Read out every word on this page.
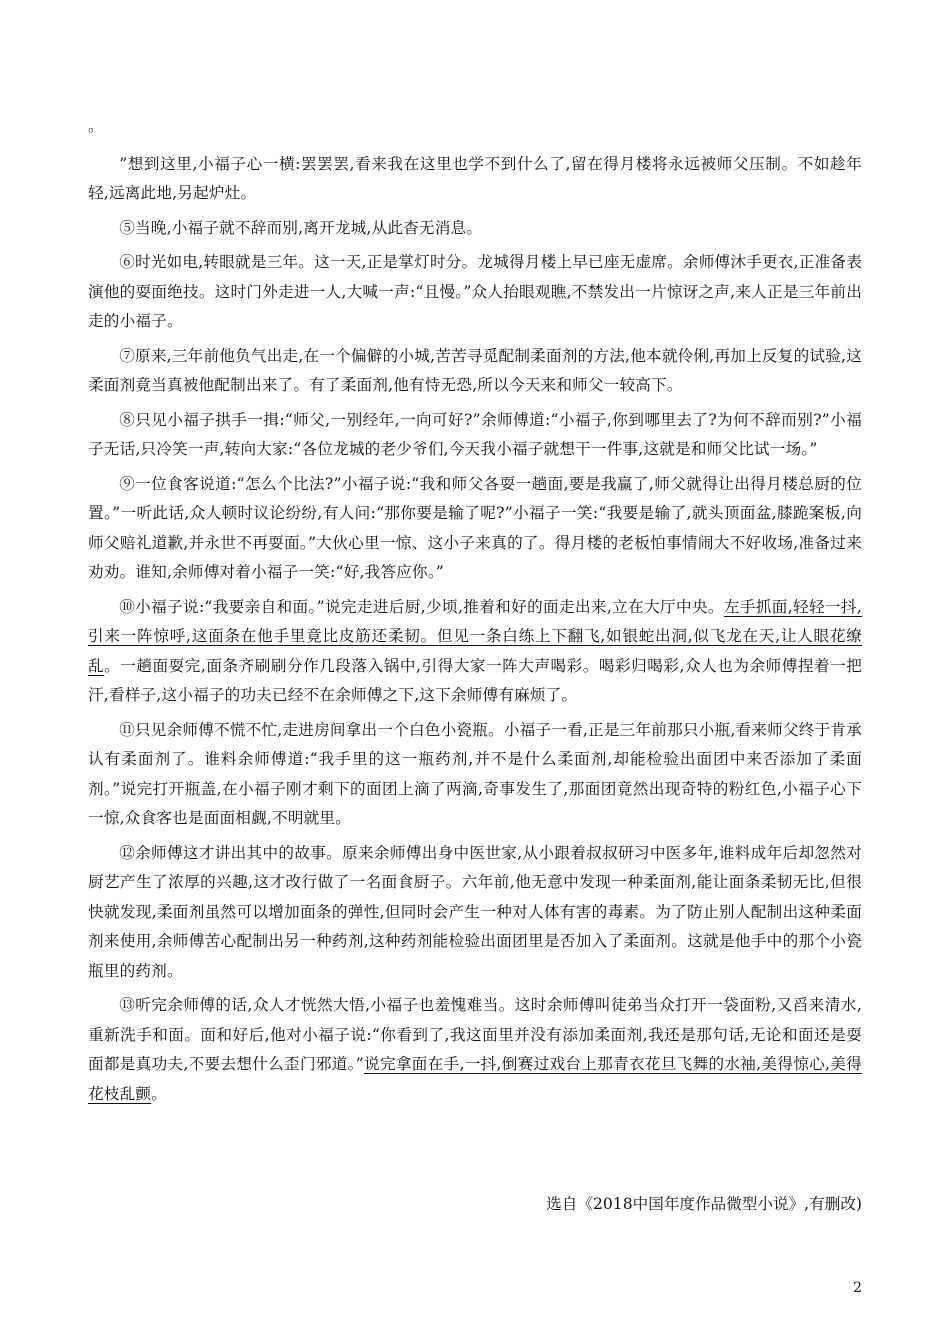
。

”想到这里,小福子心一横:罢罢罢,看来我在这里也学不到什么了,留在得月楼将永远被师父压制。不如趁年轻,远离此地,另起炉灶。

⑤当晚,小福子就不辞而别,离开龙城,从此杳无消息。

⑥时光如电,转眼就是三年。这一天,正是掌灯时分。龙城得月楼上早已座无虚席。余师傅沐手更衣,正准备表演他的耍面绝技。这时门外走进一人,大喊一声:“且慢。”众人抬眼观瞧,不禁发出一片惊讶之声,来人正是三年前出走的小福子。

⑦原来,三年前他负气出走,在一个偏僻的小城,苦苦寻觅配制柔面剂的方法,他本就伶俐,再加上反复的试验,这柔面剂竟当真被他配制出来了。有了柔面剂,他有恃无恐,所以今天来和师父一较高下。

⑧只见小福子拱手一揖:“师父,一别经年,一向可好?”余师傅道:“小福子,你到哪里去了?为何不辞而别?”小福子无话,只冷笑一声,转向大家:“各位龙城的老少爷们,今天我小福子就想干一件事,这就是和师父比试一场。”

⑨一位食客说道:“怎么个比法?”小福子说:“我和师父各耍一趟面,要是我赢了,师父就得让出得月楼总厨的位置。”一听此话,众人顿时议论纷纷,有人问:“那你要是输了呢?”小福子一笑:“我要是输了,就头顶面盆,膝跪案板,向师父赔礼道歉,并永世不再耍面。”大伙心里一惊、这小子来真的了。得月楼的老板怕事情闹大不好收场,准备过来劝劝。谁知,余师傅对着小福子一笑:“好,我答应你。”

⑩小福子说:“我要亲自和面。”说完走进后厨,少顷,推着和好的面走出来,立在大厅中央。左手抓面,轻轻一抖,引来一阵惊呼,这面条在他手里竟比皮筋还柔韧。但见一条白练上下翻飞,如银蛇出洞,似飞龙在天,让人眼花缭乱。一趟面耍完,面条齐刷刷分作几段落入锅中,引得大家一阵大声喝彩。喝彩归喝彩,众人也为余师傅捏着一把汗,看样子,这小福子的功夫已经不在余师傅之下,这下余师傅有麻烦了。

⑪只见余师傅不慌不忙,走进房间拿出一个白色小瓷瓶。小福子一看,正是三年前那只小瓶,看来师父终于肯承认有柔面剂了。谁料余师傅道:“我手里的这一瓶药剂,并不是什么柔面剂,却能检验出面团中来否添加了柔面剂。”说完打开瓶盖,在小福子刚才剩下的面团上滴了两滴,奇事发生了,那面团竟然出现奇特的粉红色,小福子心下一惊,众食客也是面面相觑,不明就里。

⑫余师傅这才讲出其中的故事。原来余师傅出身中医世家,从小跟着叔叔研习中医多年,谁料成年后却忽然对厨艺产生了浓厚的兴趣,这才改行做了一名面食厨子。六年前,他无意中发现一种柔面剂,能让面条柔韧无比,但很快就发现,柔面剂虽然可以增加面条的弹性,但同时会产生一种对人体有害的毒素。为了防止别人配制出这种柔面剂来使用,余师傅苦心配制出另一种药剂,这种药剂能检验出面团里是否加入了柔面剂。这就是他手中的那个小瓷瓶里的药剂。

⑬听完余师傅的话,众人才恍然大悟,小福子也羞愧难当。这时余师傅叫徒弟当众打开一袋面粉,又舀来清水,重新洗手和面。面和好后,他对小福子说:“你看到了,我这面里并没有添加柔面剂,我还是那句话,无论和面还是耍面都是真功夫,不要去想什么歪门邪道。”说完拿面在手,一抖,倒赛过戏台上那青衣花旦飞舞的水袖,美得惊心,美得花枝乱颤。

选自《2018中国年度作品微型小说》,有删改)
2
